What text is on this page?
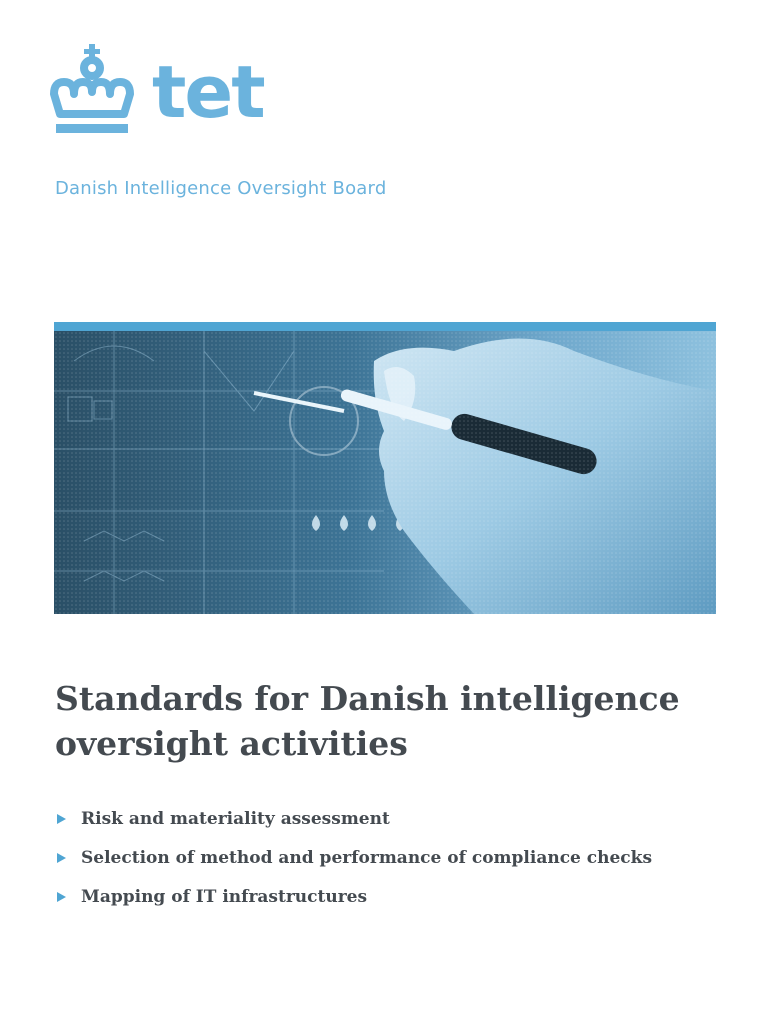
tet
Danish Intelligence Oversight Board
Standards for Danish intelligence oversight activities
Risk and materiality assessment
Selection of method and performance of compliance checks
Mapping of IT infrastructures
